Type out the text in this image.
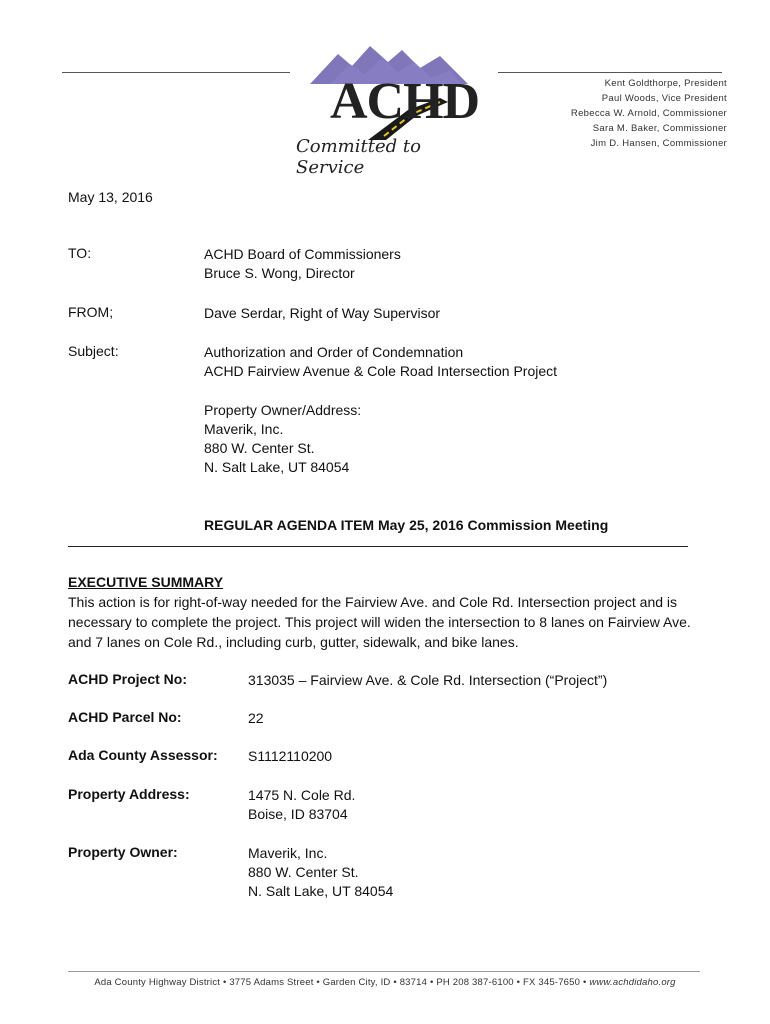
ACHD
Committed to Service
Kent Goldthorpe, President
Paul Woods, Vice President
Rebecca W. Arnold, Commissioner
Sara M. Baker, Commissioner
Jim D. Hansen, Commissioner
May 13, 2016
TO:	ACHD Board of Commissioners
Bruce S. Wong, Director
FROM;	Dave Serdar, Right of Way Supervisor
Subject:	Authorization and Order of Condemnation
ACHD Fairview Avenue & Cole Road Intersection Project
Property Owner/Address:
Maverik, Inc.
880 W. Center St.
N. Salt Lake, UT 84054
REGULAR AGENDA ITEM May 25, 2016 Commission Meeting
EXECUTIVE SUMMARY
This action is for right-of-way needed for the Fairview Ave. and Cole Rd. Intersection project and is necessary to complete the project. This project will widen the intersection to 8 lanes on Fairview Ave. and 7 lanes on Cole Rd., including curb, gutter, sidewalk, and bike lanes.
ACHD Project No:	313035 – Fairview Ave. & Cole Rd. Intersection (“Project”)
ACHD Parcel No:	22
Ada County Assessor: S1112110200
Property Address:	1475 N. Cole Rd.
Boise, ID 83704
Property Owner:	Maverik, Inc.
880 W. Center St.
N. Salt Lake, UT 84054
Ada County Highway District • 3775 Adams Street • Garden City, ID • 83714 • PH 208 387-6100 • FX 345-7650 • www.achdidaho.org
